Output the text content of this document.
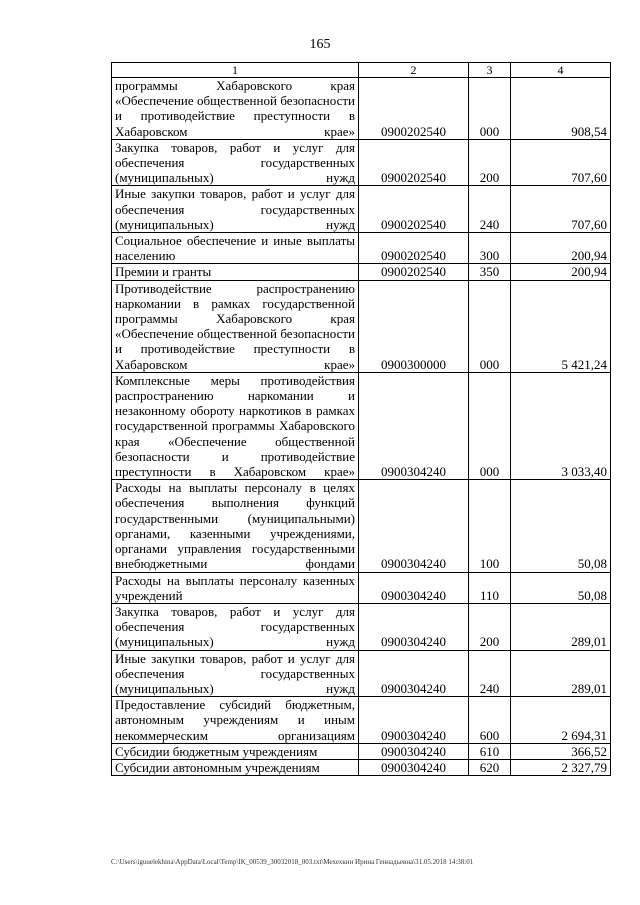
165
1	2	3	4
программы Хабаровского края «Обеспечение общественной безопасности и противодействие преступности в Хабаровском крае»	0900202540	000	908,54
Закупка товаров, работ и услуг для обеспечения государственных (муниципальных) нужд	0900202540	200	707,60
Иные закупки товаров, работ и услуг для обеспечения государственных (муниципальных) нужд	0900202540	240	707,60
Социальное обеспечение и иные выплаты населению	0900202540	300	200,94
Премии и гранты	0900202540	350	200,94
Противодействие распространению наркомании в рамках государственной программы Хабаровского края «Обеспечение общественной безопасности и противодействие преступности в Хабаровском крае»	0900300000	000	5 421,24
Комплексные меры противодействия распространению наркомании и незаконному обороту наркотиков в рамках государственной программы Хабаровского края «Обеспечение общественной безопасности и противодействие преступности в Хабаровском крае»	0900304240	000	3 033,40
Расходы на выплаты персоналу в целях обеспечения выполнения функций государственными (муниципальными) органами, казенными учреждениями, органами управления государственными внебюджетными фондами	0900304240	100	50,08
Расходы на выплаты персоналу казенных учреждений	0900304240	110	50,08
Закупка товаров, работ и услуг для обеспечения государственных (муниципальных) нужд	0900304240	200	289,01
Иные закупки товаров, работ и услуг для обеспечения государственных (муниципальных) нужд	0900304240	240	289,01
Предоставление субсидий бюджетным, автономным учреждениям и иным некоммерческим организациям	0900304240	600	2 694,31
Субсидии бюджетным учреждениям	0900304240	610	366,52
Субсидии автономным учреждениям	0900304240	620	2 327,79
C:\Users\iguuelekhina\AppData\Local\Temp\IK_00539_30032018_003.txt\Мехехкин Ирина Геннадьевна\31.05.2018 14:38:01
